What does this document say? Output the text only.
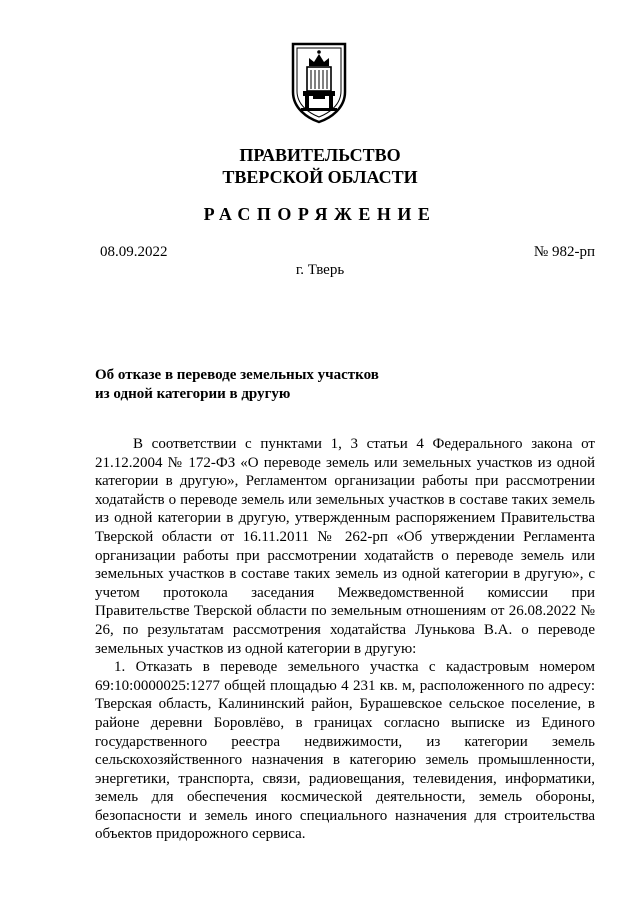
ПРАВИТЕЛЬСТВО
ТВЕРСКОЙ ОБЛАСТИ
РАСПОРЯЖЕНИЕ
08.09.2022	№ 982-рп
г. Тверь
Об отказе в переводе земельных участков
из одной категории в другую

В соответствии с пунктами 1, 3 статьи 4 Федерального закона от 21.12.2004 № 172-ФЗ «О переводе земель или земельных участков из одной категории в другую», Регламентом организации работы при рассмотрении ходатайств о переводе земель или земельных участков в составе таких земель из одной категории в другую, утвержденным распоряжением Правительства Тверской области от 16.11.2011 № 262-рп «Об утверждении Регламента организации работы при рассмотрении ходатайств о переводе земель или земельных участков в составе таких земель из одной категории в другую», с учетом протокола заседания Межведомственной комиссии при Правительстве Тверской области по земельным отношениям от 26.08.2022 № 26, по результатам рассмотрения ходатайства Лунькова В.А. о переводе земельных участков из одной категории в другую:

1. Отказать в переводе земельного участка с кадастровым номером 69:10:0000025:1277 общей площадью 4 231 кв. м, расположенного по адресу: Тверская область, Калининский район, Бурашевское сельское поселение, в районе деревни Боровлёво, в границах согласно выписке из Единого государственного реестра недвижимости, из категории земель сельскохозяйственного назначения в категорию земель промышленности, энергетики, транспорта, связи, радиовещания, телевидения, информатики, земель для обеспечения космической деятельности, земель обороны, безопасности и земель иного специального назначения для строительства объектов придорожного сервиса.
